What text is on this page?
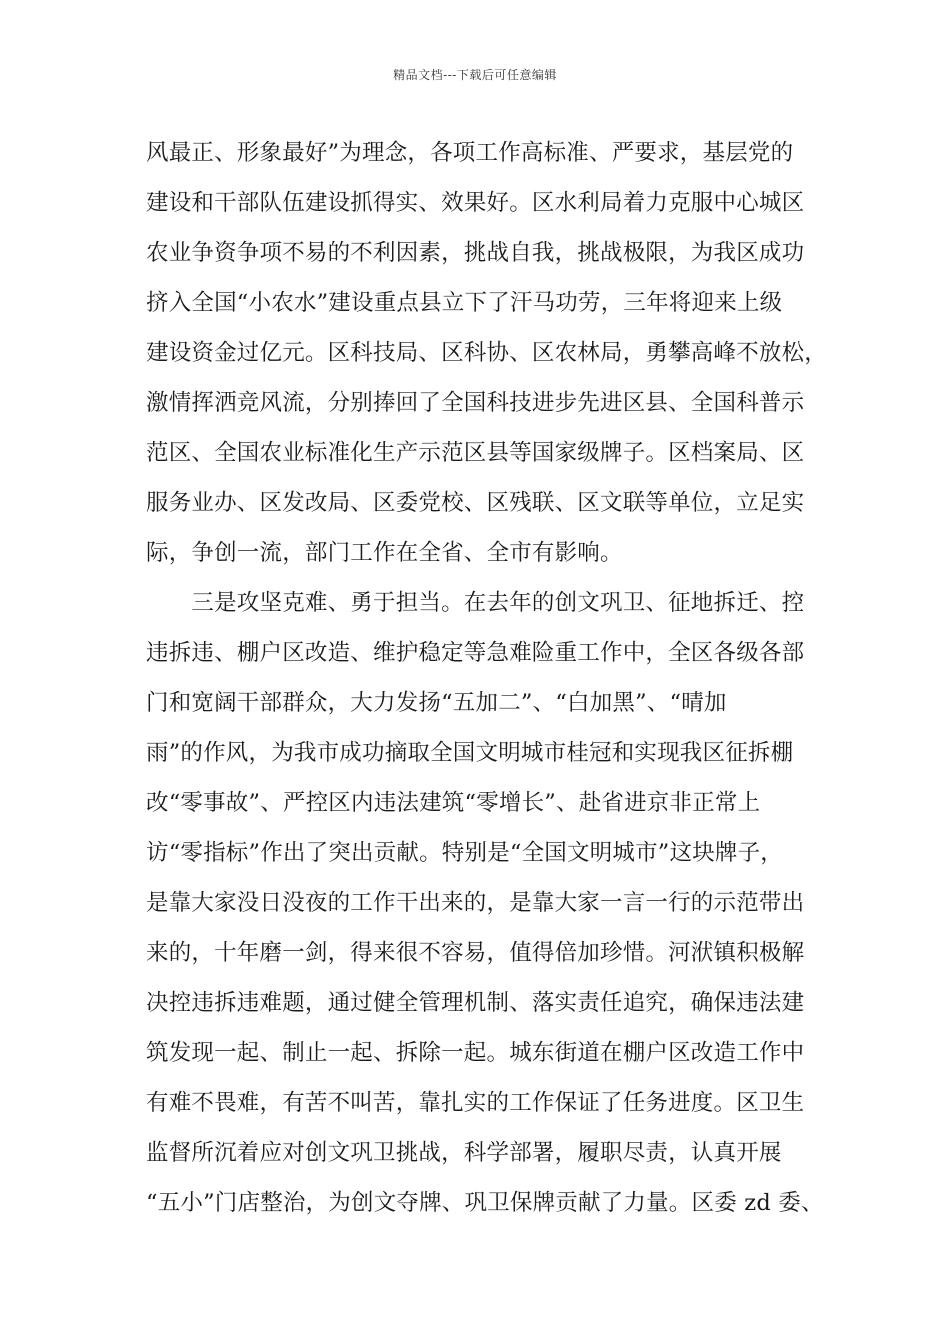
精品文档---下载后可任意编辑
风最正、形象最好”为理念，各项工作高标准、严要求，基层党的
建设和干部队伍建设抓得实、效果好。区水利局着力克服中心城区
农业争资争项不易的不利因素，挑战自我，挑战极限，为我区成功
挤入全国“小农水”建设重点县立下了汗马功劳，三年将迎来上级
建设资金过亿元。区科技局、区科协、区农林局，勇攀高峰不放松，
激情挥洒竞风流，分别捧回了全国科技进步先进区县、全国科普示
范区、全国农业标准化生产示范区县等国家级牌子。区档案局、区
服务业办、区发改局、区委党校、区残联、区文联等单位，立足实
际，争创一流，部门工作在全省、全市有影响。
　　三是攻坚克难、勇于担当。在去年的创文巩卫、征地拆迁、控
违拆违、棚户区改造、维护稳定等急难险重工作中，全区各级各部
门和宽阔干部群众，大力发扬“五加二”、“白加黑”、“晴加
雨”的作风，为我市成功摘取全国文明城市桂冠和实现我区征拆棚
改“零事故”、严控区内违法建筑“零增长”、赴省进京非正常上
访“零指标”作出了突出贡献。特别是“全国文明城市”这块牌子，
是靠大家没日没夜的工作干出来的，是靠大家一言一行的示范带出
来的，十年磨一剑，得来很不容易，值得倍加珍惜。河洑镇积极解
决控违拆违难题，通过健全管理机制、落实责任追究，确保违法建
筑发现一起、制止一起、拆除一起。城东街道在棚户区改造工作中
有难不畏难，有苦不叫苦，靠扎实的工作保证了任务进度。区卫生
监督所沉着应对创文巩卫挑战，科学部署，履职尽责，认真开展
“五小”门店整治，为创文夺牌、巩卫保牌贡献了力量。区委 zd 委、
